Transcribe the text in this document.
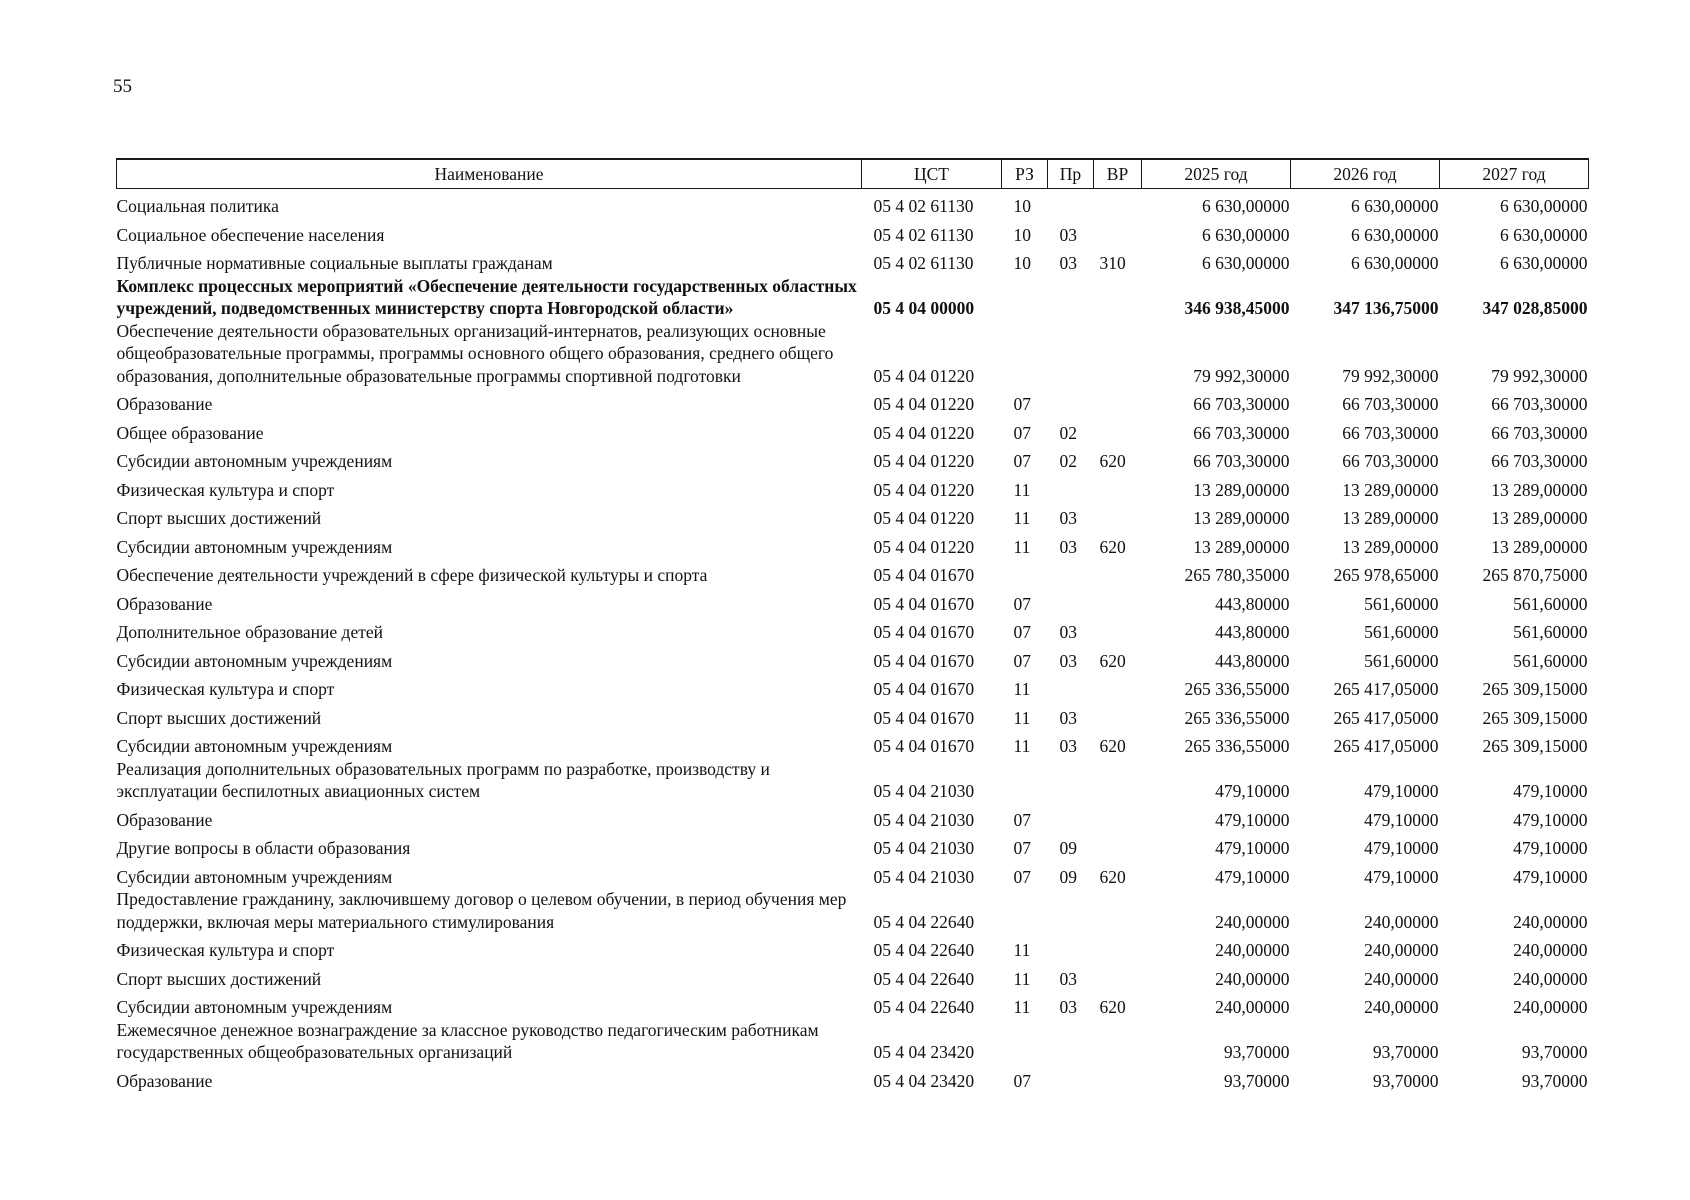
55
Наименование	ЦСТ	РЗ	Пр	ВР	2025 год	2026 год	2027 год
Социальная политика	05 4 02 61130	10			6 630,00000	6 630,00000	6 630,00000
Социальное обеспечение населения	05 4 02 61130	10	03		6 630,00000	6 630,00000	6 630,00000
Публичные нормативные социальные выплаты гражданам	05 4 02 61130	10	03	310	6 630,00000	6 630,00000	6 630,00000
Комплекс процессных мероприятий «Обеспечение деятельности государственных областных учреждений, подведомственных министерству спорта Новгородской области»	05 4 04 00000				346 938,45000	347 136,75000	347 028,85000
Обеспечение деятельности образовательных организаций-интернатов, реализующих основные общеобразовательные программы, программы основного общего образования, среднего общего образования, дополнительные образовательные программы спортивной подготовки	05 4 04 01220				79 992,30000	79 992,30000	79 992,30000
Образование	05 4 04 01220	07			66 703,30000	66 703,30000	66 703,30000
Общее образование	05 4 04 01220	07	02		66 703,30000	66 703,30000	66 703,30000
Субсидии автономным учреждениям	05 4 04 01220	07	02	620	66 703,30000	66 703,30000	66 703,30000
Физическая культура и спорт	05 4 04 01220	11			13 289,00000	13 289,00000	13 289,00000
Спорт высших достижений	05 4 04 01220	11	03		13 289,00000	13 289,00000	13 289,00000
Субсидии автономным учреждениям	05 4 04 01220	11	03	620	13 289,00000	13 289,00000	13 289,00000
Обеспечение деятельности учреждений в сфере физической культуры и спорта	05 4 04 01670				265 780,35000	265 978,65000	265 870,75000
Образование	05 4 04 01670	07			443,80000	561,60000	561,60000
Дополнительное образование детей	05 4 04 01670	07	03		443,80000	561,60000	561,60000
Субсидии автономным учреждениям	05 4 04 01670	07	03	620	443,80000	561,60000	561,60000
Физическая культура и спорт	05 4 04 01670	11			265 336,55000	265 417,05000	265 309,15000
Спорт высших достижений	05 4 04 01670	11	03		265 336,55000	265 417,05000	265 309,15000
Субсидии автономным учреждениям	05 4 04 01670	11	03	620	265 336,55000	265 417,05000	265 309,15000
Реализация дополнительных образовательных программ по разработке, производству и эксплуатации беспилотных авиационных систем	05 4 04 21030				479,10000	479,10000	479,10000
Образование	05 4 04 21030	07			479,10000	479,10000	479,10000
Другие вопросы в области образования	05 4 04 21030	07	09		479,10000	479,10000	479,10000
Субсидии автономным учреждениям	05 4 04 21030	07	09	620	479,10000	479,10000	479,10000
Предоставление гражданину, заключившему договор о целевом обучении, в период обучения мер поддержки, включая меры материального стимулирования	05 4 04 22640				240,00000	240,00000	240,00000
Физическая культура и спорт	05 4 04 22640	11			240,00000	240,00000	240,00000
Спорт высших достижений	05 4 04 22640	11	03		240,00000	240,00000	240,00000
Субсидии автономным учреждениям	05 4 04 22640	11	03	620	240,00000	240,00000	240,00000
Ежемесячное денежное вознаграждение за классное руководство педагогическим работникам государственных общеобразовательных организаций	05 4 04 23420				93,70000	93,70000	93,70000
Образование	05 4 04 23420	07			93,70000	93,70000	93,70000
